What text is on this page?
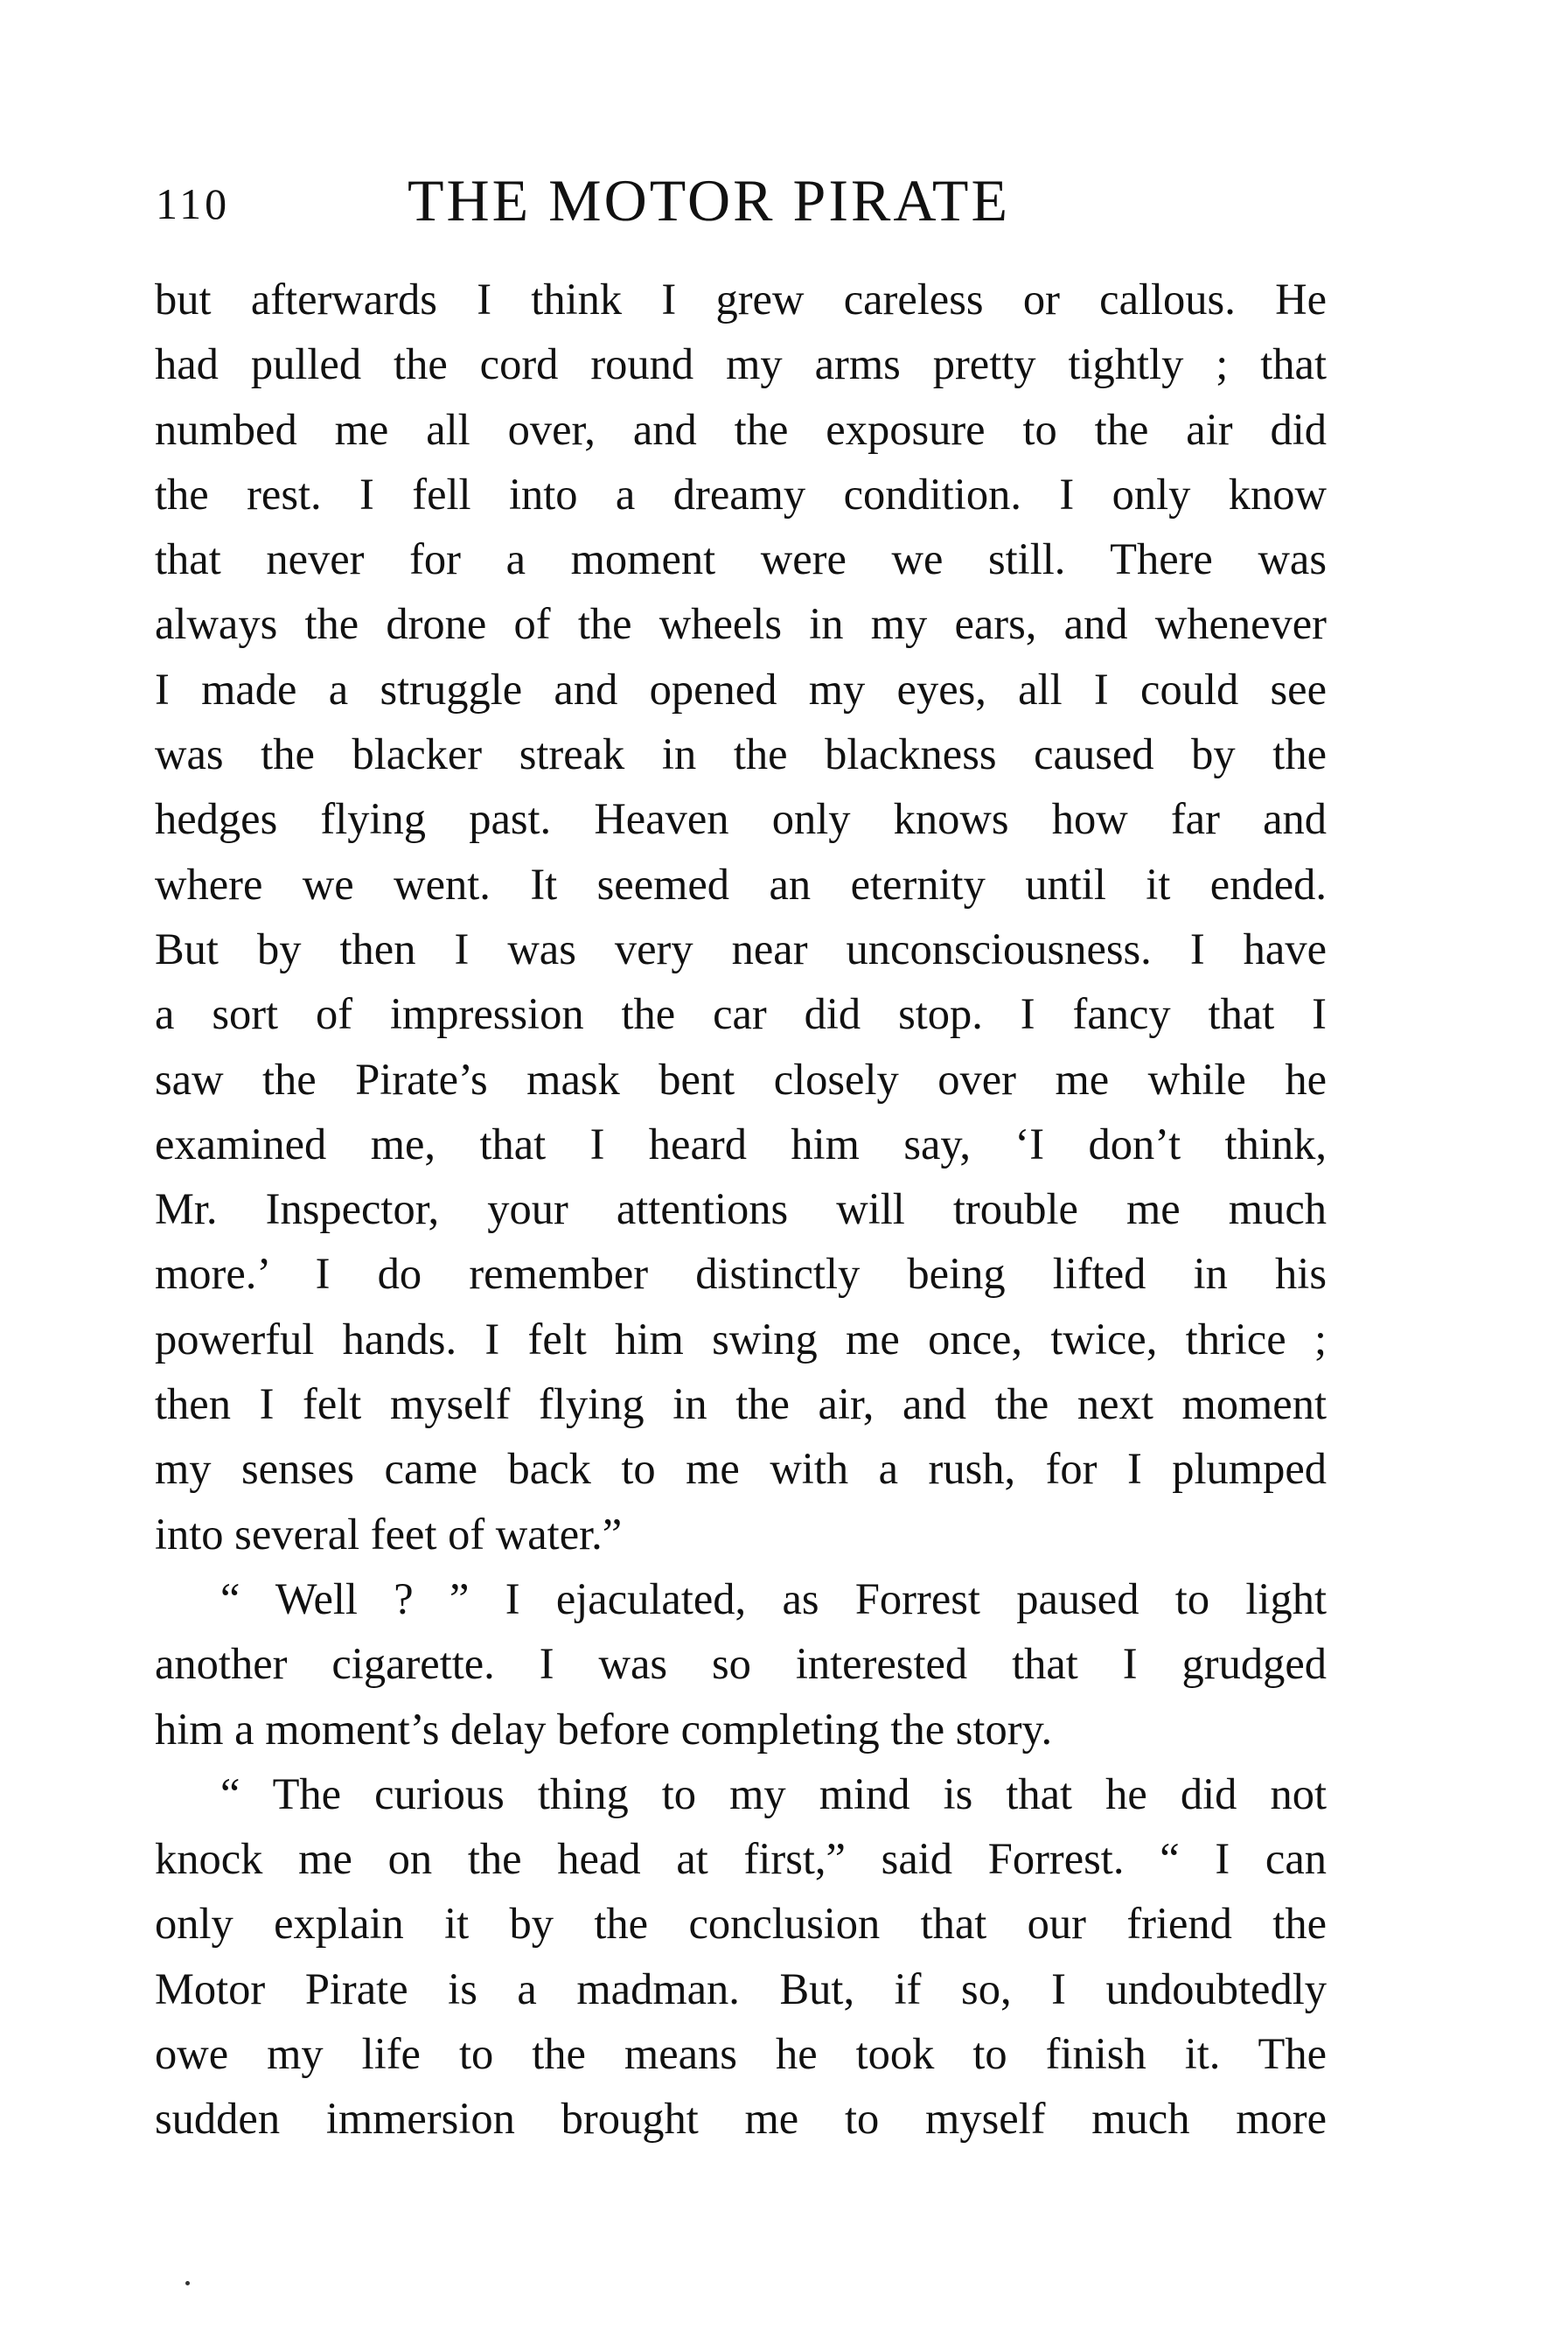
110	THE MOTOR PIRATE
but afterwards I think I grew careless or callous. He
had pulled the cord round my arms pretty tightly ; that
numbed me all over, and the exposure to the air did
the rest. I fell into a dreamy condition. I only know
that never for a moment were we still. There was
always the drone of the wheels in my ears, and whenever
I made a struggle and opened my eyes, all I could see
was the blacker streak in the blackness caused by the
hedges flying past. Heaven only knows how far and
where we went. It seemed an eternity until it ended.
But by then I was very near unconsciousness. I have
a sort of impression the car did stop. I fancy that I
saw the Pirate’s mask bent closely over me while he
examined me, that I heard him say, ‘I don’t think,
Mr. Inspector, your attentions will trouble me much
more.’ I do remember distinctly being lifted in his
powerful hands. I felt him swing me once, twice, thrice ;
then I felt myself flying in the air, and the next moment
my senses came back to me with a rush, for I plumped
into several feet of water.”
“ Well ? ” I ejaculated, as Forrest paused to light
another cigarette. I was so interested that I grudged
him a moment’s delay before completing the story.
“ The curious thing to my mind is that he did not
knock me on the head at first,” said Forrest. “ I can
only explain it by the conclusion that our friend the
Motor Pirate is a madman. But, if so, I undoubtedly
owe my life to the means he took to finish it. The
sudden immersion brought me to myself much more
